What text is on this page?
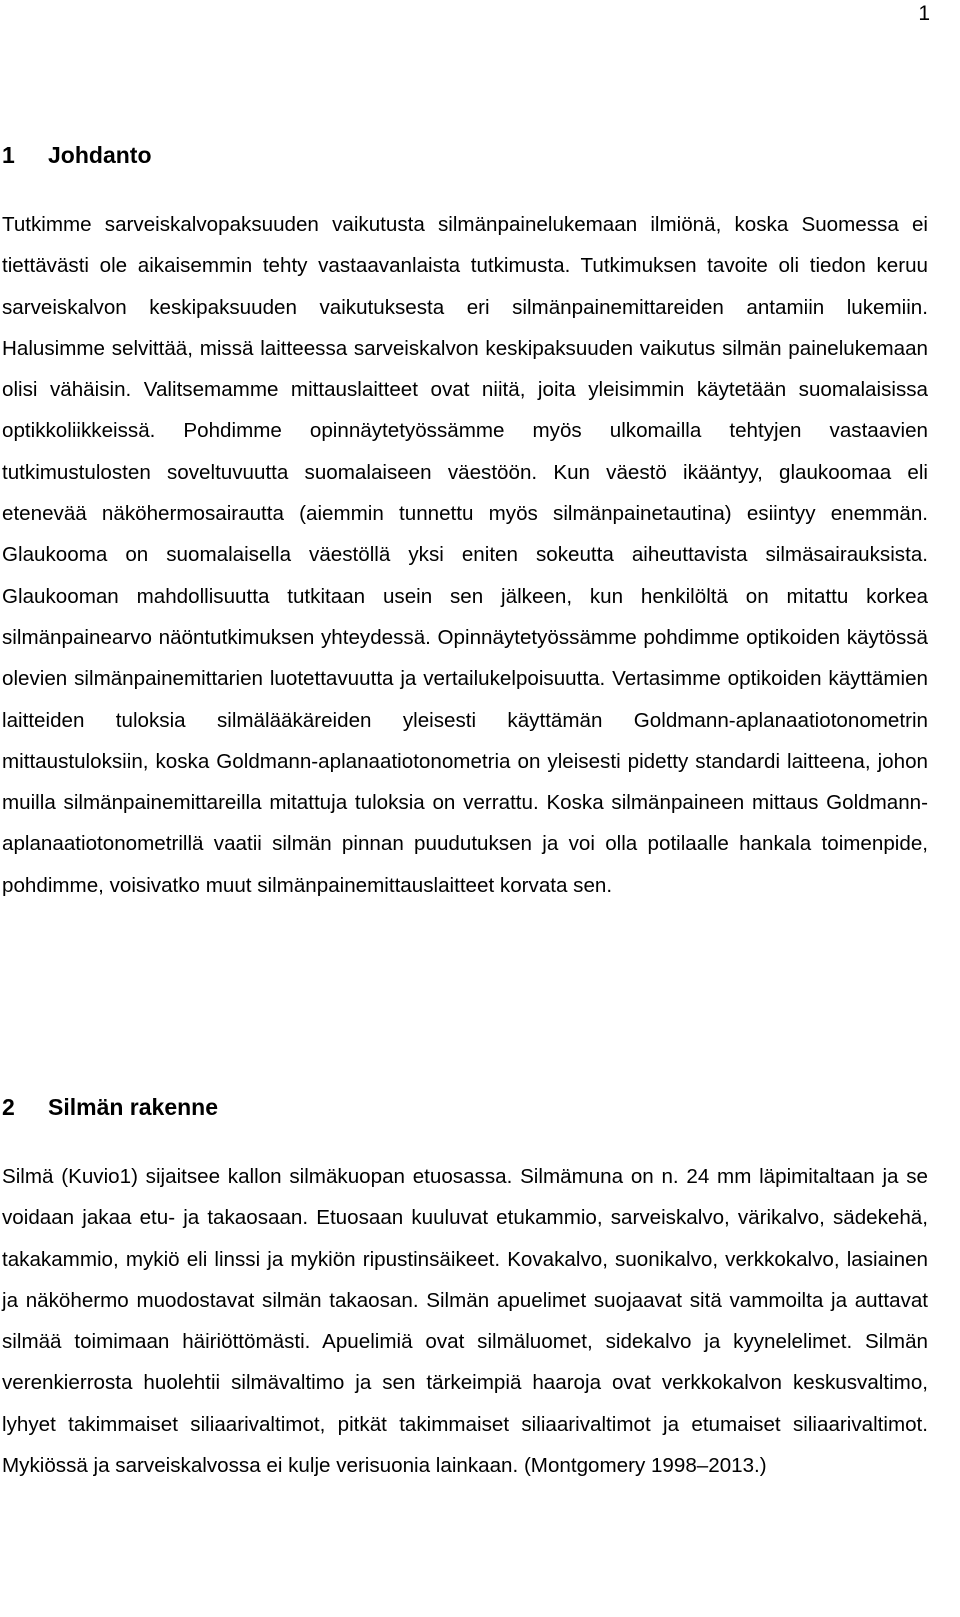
1
1 Johdanto
Tutkimme sarveiskalvopaksuuden vaikutusta silmänpainelukemaan ilmiönä, koska Suomessa ei tiettävästi ole aikaisemmin tehty vastaavanlaista tutkimusta. Tutkimuksen tavoite oli tiedon keruu sarveiskalvon keskipaksuuden vaikutuksesta eri silmänpainemittareiden antamiin lukemiin. Halusimme selvittää, missä laitteessa sarveiskalvon keskipaksuuden vaikutus silmän painelukemaan olisi vähäisin. Valitsemamme mittauslaitteet ovat niitä, joita yleisimmin käytetään suomalaisissa optikkoliikkeissä. Pohdimme opinnäytetyössämme myös ulkomailla tehtyjen vastaavien tutkimustulosten soveltuvuutta suomalaiseen väestöön. Kun väestö ikääntyy, glaukoomaa eli etenevää näköhermosairautta (aiemmin tunnettu myös silmänpainetautina) esiintyy enemmän. Glaukooma on suomalaisella väestöllä yksi eniten sokeutta aiheuttavista silmäsairauksista. Glaukooman mahdollisuutta tutkitaan usein sen jälkeen, kun henkilöltä on mitattu korkea silmänpainearvo näöntutkimuksen yhteydessä. Opinnäytetyössämme pohdimme optikoiden käytössä olevien silmänpainemittarien luotettavuutta ja vertailukelpoisuutta. Vertasimme optikoiden käyttämien laitteiden tuloksia silmälääkäreiden yleisesti käyttämän Goldmann-aplanaatiotonometrin mittaustuloksiin, koska Goldmann-aplanaatiotonometria on yleisesti pidetty standardi laitteena, johon muilla silmänpainemittareilla mitattuja tuloksia on verrattu. Koska silmänpaineen mittaus Goldmann-aplanaatiotonometrillä vaatii silmän pinnan puudutuksen ja voi olla potilaalle hankala toimenpide, pohdimme, voisivatko muut silmänpainemittauslaitteet korvata sen.
2 Silmän rakenne
Silmä (Kuvio1) sijaitsee kallon silmäkuopan etuosassa. Silmämuna on n. 24 mm läpimitaltaan ja se voidaan jakaa etu- ja takaosaan. Etuosaan kuuluvat etukammio, sarveiskalvo, värikalvo, sädekehä, takakammio, mykiö eli linssi ja mykiön ripustinsäikeet. Kovakalvo, suonikalvo, verkkokalvo, lasiainen ja näköhermo muodostavat silmän takaosan. Silmän apuelimet suojaavat sitä vammoilta ja auttavat silmää toimimaan häiriöttömästi. Apuelimiä ovat silmäluomet, sidekalvo ja kyynelelimet. Silmän verenkierrosta huolehtii silmävaltimo ja sen tärkeimpiä haaroja ovat verkkokalvon keskusvaltimo, lyhyet takimmaiset siliaarivaltimot, pitkät takimmaiset siliaarivaltimot ja etumaiset siliaarivaltimot. Mykiössä ja sarveiskalvossa ei kulje verisuonia lainkaan. (Montgomery 1998–2013.)
